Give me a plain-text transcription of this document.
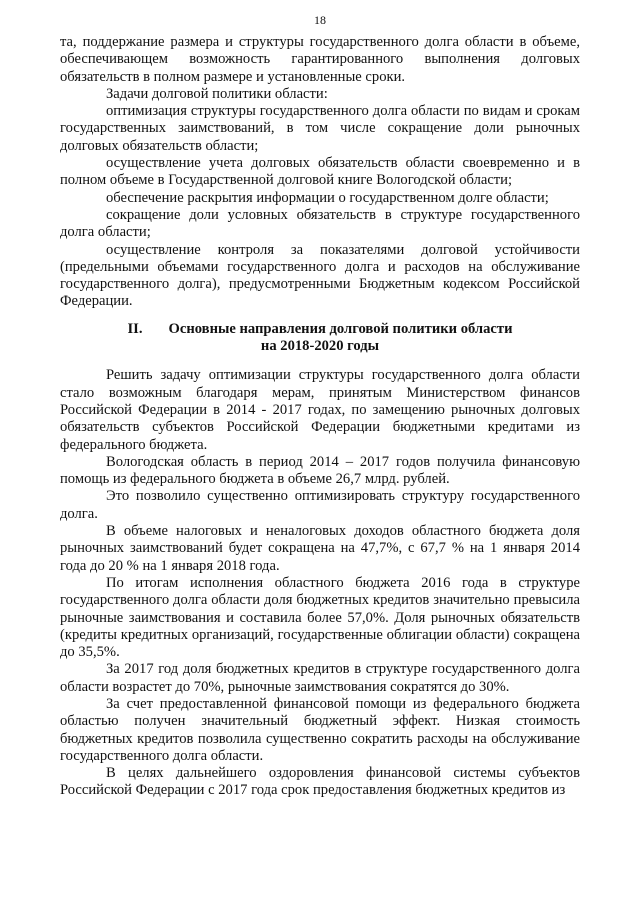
18

та, поддержание размера и структуры государственного долга области в объеме, обеспечивающем возможность гарантированного выполнения долговых обязательств в полном размере и установленные сроки.

Задачи долговой политики области:

оптимизация структуры государственного долга области по видам и срокам государственных заимствований, в том числе сокращение доли рыночных долговых обязательств области;

осуществление учета долговых обязательств области своевременно и в полном объеме в Государственной долговой книге Вологодской области;

обеспечение раскрытия информации о государственном долге области;

сокращение доли условных обязательств в структуре государственного долга области;

осуществление контроля за показателями долговой устойчивости (предельными объемами государственного долга и расходов на обслуживание государственного долга), предусмотренными Бюджетным кодексом Российской Федерации.

II. Основные направления долговой политики области
на 2018-2020 годы

Решить задачу оптимизации структуры государственного долга области стало возможным благодаря мерам, принятым Министерством финансов Российской Федерации в 2014 - 2017 годах, по замещению рыночных долговых обязательств субъектов Российской Федерации бюджетными кредитами из федерального бюджета.

Вологодская область в период 2014 – 2017 годов получила финансовую помощь из федерального бюджета в объеме 26,7 млрд. рублей.

Это позволило существенно оптимизировать структуру государственного долга.

В объеме налоговых и неналоговых доходов областного бюджета доля рыночных заимствований будет сокращена на 47,7%, с 67,7 % на 1 января 2014 года до 20 % на 1 января 2018 года.

По итогам исполнения областного бюджета 2016 года в структуре государственного долга области доля бюджетных кредитов значительно превысила рыночные заимствования и составила более 57,0%. Доля рыночных обязательств (кредиты кредитных организаций, государственные облигации области) сокращена до 35,5%.

За 2017 год доля бюджетных кредитов в структуре государственного долга области возрастет до 70%, рыночные заимствования сократятся до 30%.

За счет предоставленной финансовой помощи из федерального бюджета областью получен значительный бюджетный эффект. Низкая стоимость бюджетных кредитов позволила существенно сократить расходы на обслуживание государственного долга области.

В целях дальнейшего оздоровления финансовой системы субъектов Российской Федерации с 2017 года срок предоставления бюджетных кредитов из
